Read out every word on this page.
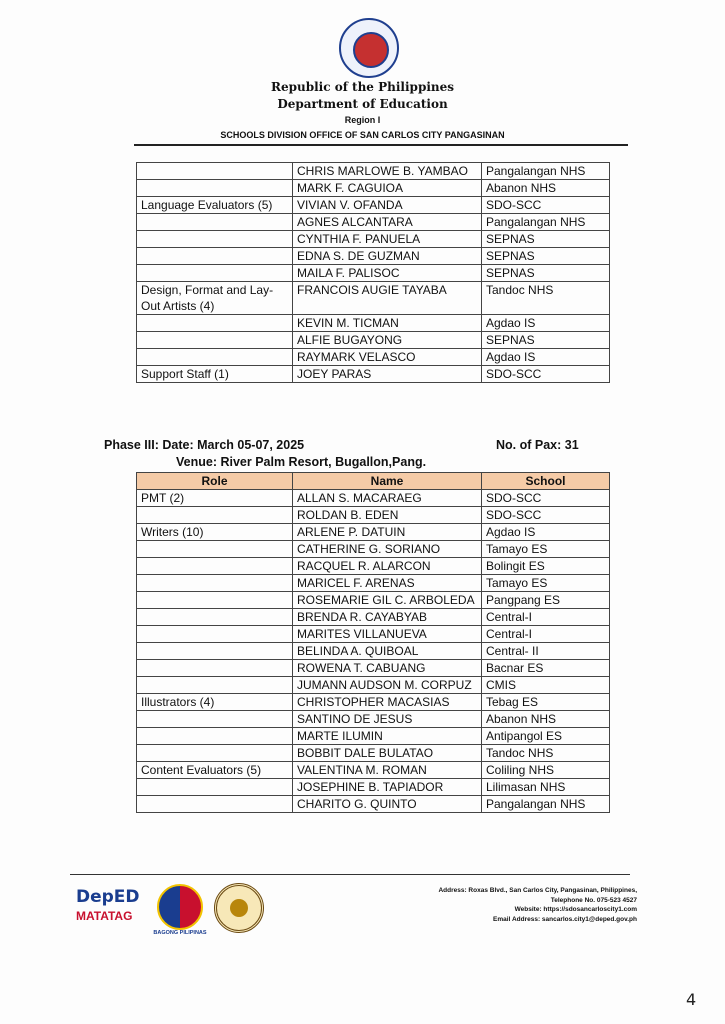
Republic of the Philippines
Department of Education
Region I
SCHOOLS DIVISION OFFICE OF SAN CARLOS CITY PANGASINAN
	CHRIS MARLOWE B. YAMBAO	Pangalangan NHS
	MARK F. CAGUIOA	Abanon NHS
Language Evaluators (5)	VIVIAN V. OFANDA	SDO-SCC
	AGNES ALCANTARA	Pangalangan NHS
	CYNTHIA F. PANUELA	SEPNAS
	EDNA S. DE GUZMAN	SEPNAS
	MAILA F. PALISOC	SEPNAS
Design, Format and Lay-Out Artists (4)	FRANCOIS AUGIE TAYABA	Tandoc NHS
	KEVIN M. TICMAN	Agdao IS
	ALFIE BUGAYONG	SEPNAS
	RAYMARK VELASCO	Agdao IS
Support Staff (1)	JOEY PARAS	SDO-SCC
Phase III: Date: March 05-07, 2025	No. of Pax: 31
Venue: River Palm Resort, Bugallon,Pang.
Role	Name	School
PMT (2)	ALLAN S. MACARAEG	SDO-SCC
	ROLDAN B. EDEN	SDO-SCC
Writers (10)	ARLENE P. DATUIN	Agdao IS
	CATHERINE G. SORIANO	Tamayo ES
	RACQUEL R. ALARCON	Bolingit ES
	MARICEL F. ARENAS	Tamayo ES
	ROSEMARIE GIL C. ARBOLEDA	Pangpang ES
	BRENDA R. CAYABYAB	Central-I
	MARITES VILLANUEVA	Central-I
	BELINDA A. QUIBOAL	Central- II
	ROWENA T. CABUANG	Bacnar ES
	JUMANN AUDSON M. CORPUZ	CMIS
Illustrators (4)	CHRISTOPHER MACASIAS	Tebag ES
	SANTINO DE JESUS	Abanon NHS
	MARTE ILUMIN	Antipangol ES
	BOBBIT DALE BULATAO	Tandoc NHS
Content Evaluators (5)	VALENTINA M. ROMAN	Coliling NHS
	JOSEPHINE B. TAPIADOR	Lilimasan NHS
	CHARITO G. QUINTO	Pangalangan NHS
DepED
MATATAG
BAGONG PILIPINAS
Address: Roxas Blvd., San Carlos City, Pangasinan, Philippines,
Telephone No. 075-523 4527
Website: https://sdosancarloscity1.com
Email Address: sancarlos.city1@deped.gov.ph
4
